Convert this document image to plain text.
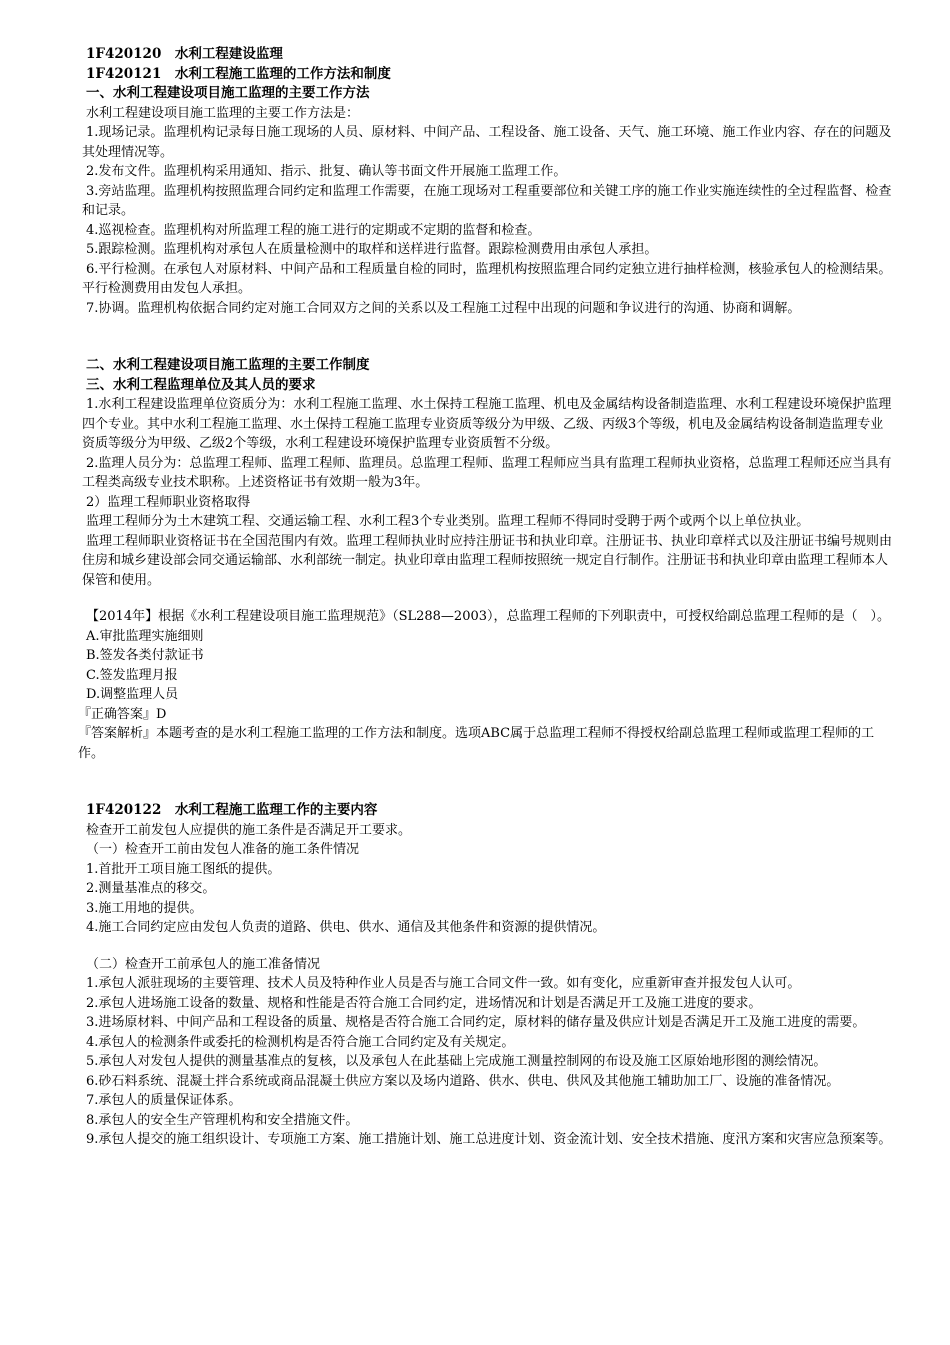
1F420120　水利工程建设监理

1F420121　水利工程施工监理的工作方法和制度

一、水利工程建设项目施工监理的主要工作方法

水利工程建设项目施工监理的主要工作方法是：

1.现场记录。监理机构记录每日施工现场的人员、原材料、中间产品、工程设备、施工设备、天气、施工环境、施工作业内容、存在的问题及其处理情况等。

2.发布文件。监理机构采用通知、指示、批复、确认等书面文件开展施工监理工作。

3.旁站监理。监理机构按照监理合同约定和监理工作需要，在施工现场对工程重要部位和关键工序的施工作业实施连续性的全过程监督、检查和记录。

4.巡视检查。监理机构对所监理工程的施工进行的定期或不定期的监督和检查。

5.跟踪检测。监理机构对承包人在质量检测中的取样和送样进行监督。跟踪检测费用由承包人承担。

6.平行检测。在承包人对原材料、中间产品和工程质量自检的同时，监理机构按照监理合同约定独立进行抽样检测，核验承包人的检测结果。平行检测费用由发包人承担。

7.协调。监理机构依据合同约定对施工合同双方之间的关系以及工程施工过程中出现的问题和争议进行的沟通、协商和调解。

二、水利工程建设项目施工监理的主要工作制度

三、水利工程监理单位及其人员的要求

1.水利工程建设监理单位资质分为：水利工程施工监理、水土保持工程施工监理、机电及金属结构设备制造监理、水利工程建设环境保护监理四个专业。其中水利工程施工监理、水土保持工程施工监理专业资质等级分为甲级、乙级、丙级3个等级，机电及金属结构设备制造监理专业资质等级分为甲级、乙级2个等级，水利工程建设环境保护监理专业资质暂不分级。

2.监理人员分为：总监理工程师、监理工程师、监理员。总监理工程师、监理工程师应当具有监理工程师执业资格，总监理工程师还应当具有工程类高级专业技术职称。上述资格证书有效期一般为3年。

2）监理工程师职业资格取得

监理工程师分为土木建筑工程、交通运输工程、水利工程3个专业类别。监理工程师不得同时受聘于两个或两个以上单位执业。

监理工程师职业资格证书在全国范围内有效。监理工程师执业时应持注册证书和执业印章。注册证书、执业印章样式以及注册证书编号规则由住房和城乡建设部会同交通运输部、水利部统一制定。执业印章由监理工程师按照统一规定自行制作。注册证书和执业印章由监理工程师本人保管和使用。

【2014年】根据《水利工程建设项目施工监理规范》（SL288—2003），总监理工程师的下列职责中，可授权给副总监理工程师的是（　）。

A.审批监理实施细则

B.签发各类付款证书

C.签发监理月报

D.调整监理人员

『正确答案』D

『答案解析』本题考查的是水利工程施工监理的工作方法和制度。选项ABC属于总监理工程师不得授权给副总监理工程师或监理工程师的工作。

1F420122　水利工程施工监理工作的主要内容

检查开工前发包人应提供的施工条件是否满足开工要求。

（一）检查开工前由发包人准备的施工条件情况

1.首批开工项目施工图纸的提供。

2.测量基准点的移交。

3.施工用地的提供。

4.施工合同约定应由发包人负责的道路、供电、供水、通信及其他条件和资源的提供情况。

（二）检查开工前承包人的施工准备情况

1.承包人派驻现场的主要管理、技术人员及特种作业人员是否与施工合同文件一致。如有变化，应重新审查并报发包人认可。

2.承包人进场施工设备的数量、规格和性能是否符合施工合同约定，进场情况和计划是否满足开工及施工进度的要求。

3.进场原材料、中间产品和工程设备的质量、规格是否符合施工合同约定，原材料的储存量及供应计划是否满足开工及施工进度的需要。

4.承包人的检测条件或委托的检测机构是否符合施工合同约定及有关规定。

5.承包人对发包人提供的测量基准点的复核，以及承包人在此基础上完成施工测量控制网的布设及施工区原始地形图的测绘情况。

6.砂石料系统、混凝土拌合系统或商品混凝土供应方案以及场内道路、供水、供电、供风及其他施工辅助加工厂、设施的准备情况。

7.承包人的质量保证体系。

8.承包人的安全生产管理机构和安全措施文件。

9.承包人提交的施工组织设计、专项施工方案、施工措施计划、施工总进度计划、资金流计划、安全技术措施、度汛方案和灾害应急预案等。
